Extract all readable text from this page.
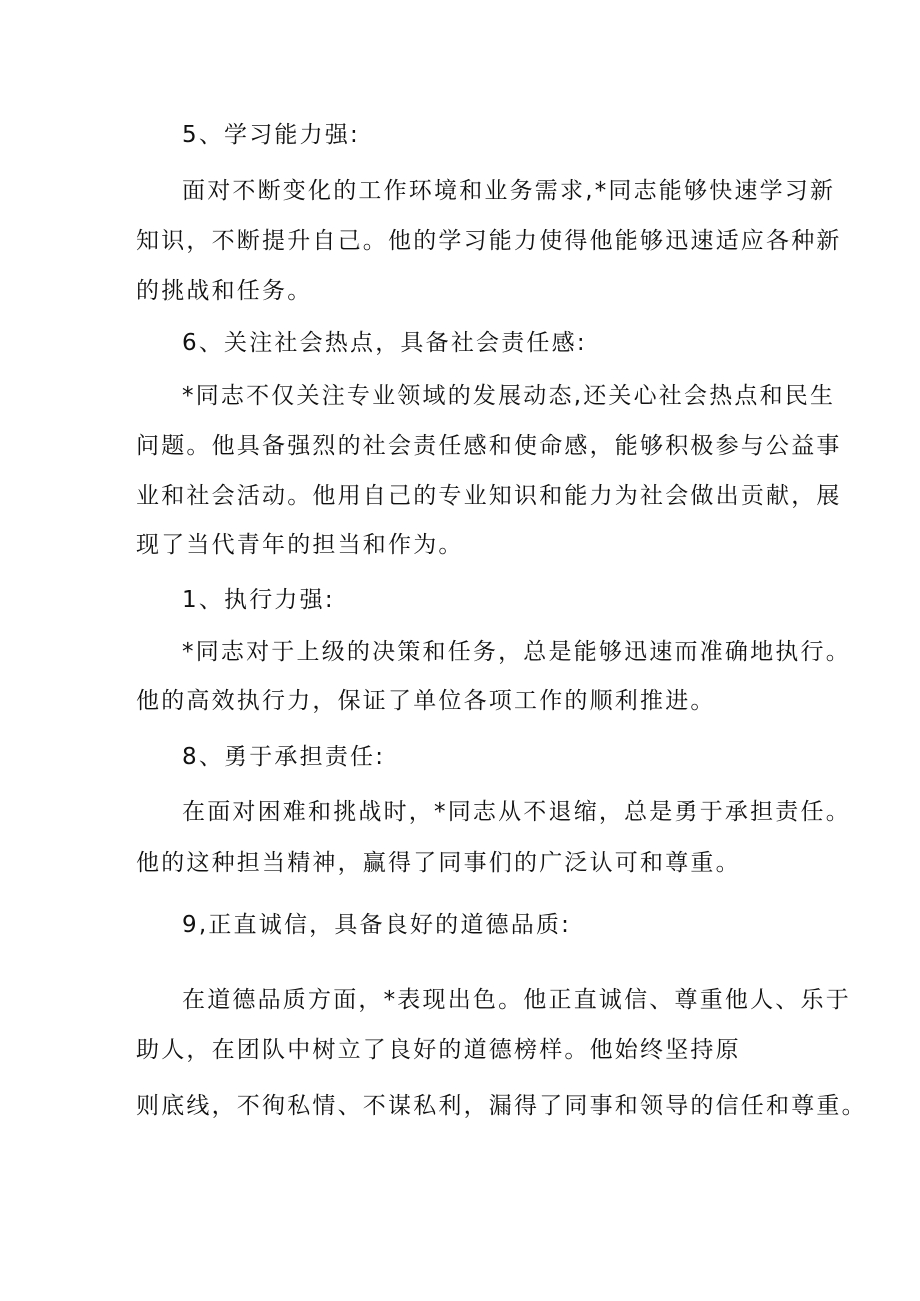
5、学习能力强:
面对不断变化的工作环境和业务需求,*同志能够快速学习新
知识，不断提升自己。他的学习能力使得他能够迅速适应各种新
的挑战和任务。
6、关注社会热点，具备社会责任感:
*同志不仅关注专业领域的发展动态,还关心社会热点和民生
问题。他具备强烈的社会责任感和使命感，能够积极参与公益事
业和社会活动。他用自己的专业知识和能力为社会做出贡献，展
现了当代青年的担当和作为。
1、执行力强:
*同志对于上级的决策和任务，总是能够迅速而准确地执行。
他的高效执行力，保证了单位各项工作的顺利推进。
8、勇于承担责任:
在面对困难和挑战时，*同志从不退缩，总是勇于承担责任。
他的这种担当精神，赢得了同事们的广泛认可和尊重。
9,正直诚信，具备良好的道德品质:
在道德品质方面，*表现出色。他正直诚信、尊重他人、乐于
助人，在团队中树立了良好的道德榜样。他始终坚持原
则底线，不徇私情、不谋私利，漏得了同事和领导的信任和尊重。
